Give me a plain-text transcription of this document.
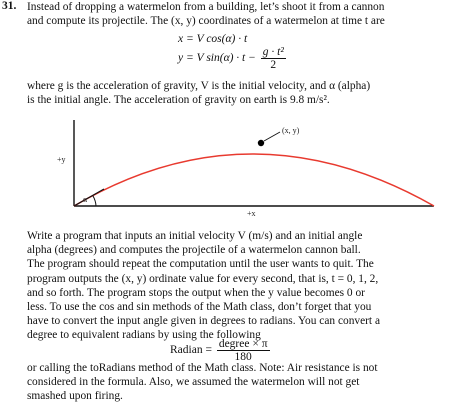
31. Instead of dropping a watermelon from a building, let’s shoot it from a cannon
and compute its projectile. The (x, y) coordinates of a watermelon at time t are
x = V cos(α) · t
y = V $\sin(\alpha) \cdot t - \frac{\text{g · t²}}{2}$
where g is the acceleration of gravity, V is the initial velocity, and α (alpha)
is the initial angle. The acceleration of gravity on earth is 9.8 m/s².
(x, y)
+y
+x
α
Write a program that inputs an initial velocity V (m/s) and an initial angle
alpha (degrees) and computes the projectile of a watermelon cannon ball.
The program should repeat the computation until the user wants to quit. The
program outputs the (x, y) ordinate value for every second, that is, t = 0, 1, 2,
and so forth. The program stops the output when the y value becomes 0 or
less. To use the cos and sin methods of the Math class, don’t forget that you
have to convert the input angle given in degrees to radians. You can convert a
degree to equivalent radians by using the following
Radian = $\frac{\text{degree × π}}{180}$
or calling the toRadians method of the Math class. Note: Air resistance is not
considered in the formula. Also, we assumed the watermelon will not get
smashed upon firing.
